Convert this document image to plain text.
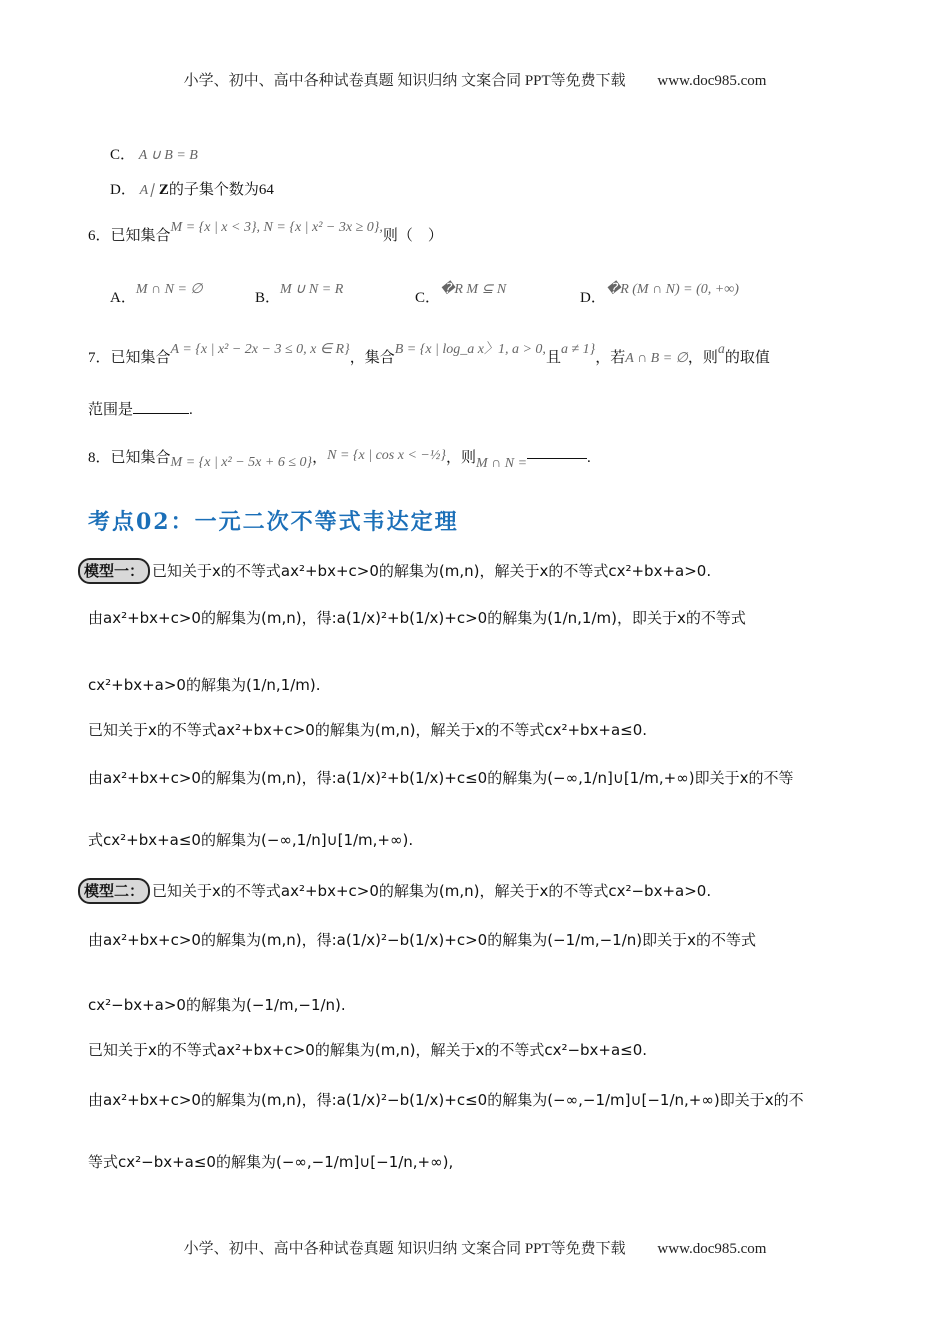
小学、初中、高中各种试卷真题 知识归纳 文案合同 PPT等免费下载 www.doc985.com
C． A ∪ B = B
D． A∣ Z的子集个数为64
6．已知集合M = {x | x < 3}, N = {x | x² − 3x ≥ 0},则（　）
A．M ∩ N = ∅B．M ∪ N = RC．�R M ⊆ ND．�R (M ∩ N) = (0, +∞)
7．已知集合A = {x | x² − 2x − 3 ≤ 0, x ∈ R}，集合B = {x | log_a x〉1, a > 0,且a ≠ 1}，若A ∩ B = ∅，则a的取值
范围是	.
8．已知集合M = {x | x² − 5x + 6 ≤ 0}，N = {x | cos x < −½}，则M ∩ N =	.
考点02：一元二次不等式韦达定理
模型一： 已知关于x的不等式ax²+bx+c>0的解集为(m,n)，解关于x的不等式cx²+bx+a>0.
由ax²+bx+c>0的解集为(m,n)，得:a(1/x)²+b(1/x)+c>0的解集为(1/n,1/m)，即关于x的不等式
cx²+bx+a>0的解集为(1/n,1/m).
已知关于x的不等式ax²+bx+c>0的解集为(m,n)，解关于x的不等式cx²+bx+a≤0.
由ax²+bx+c>0的解集为(m,n)，得:a(1/x)²+b(1/x)+c≤0的解集为(−∞,1/n]∪[1/m,+∞)即关于x的不等
式cx²+bx+a≤0的解集为(−∞,1/n]∪[1/m,+∞).
模型二： 已知关于x的不等式ax²+bx+c>0的解集为(m,n)，解关于x的不等式cx²−bx+a>0.
由ax²+bx+c>0的解集为(m,n)，得:a(1/x)²−b(1/x)+c>0的解集为(−1/m,−1/n)即关于x的不等式
cx²−bx+a>0的解集为(−1/m,−1/n).
已知关于x的不等式ax²+bx+c>0的解集为(m,n)，解关于x的不等式cx²−bx+a≤0.
由ax²+bx+c>0的解集为(m,n)，得:a(1/x)²−b(1/x)+c≤0的解集为(−∞,−1/m]∪[−1/n,+∞)即关于x的不
等式cx²−bx+a≤0的解集为(−∞,−1/m]∪[−1/n,+∞),
小学、初中、高中各种试卷真题 知识归纳 文案合同 PPT等免费下载 www.doc985.com
